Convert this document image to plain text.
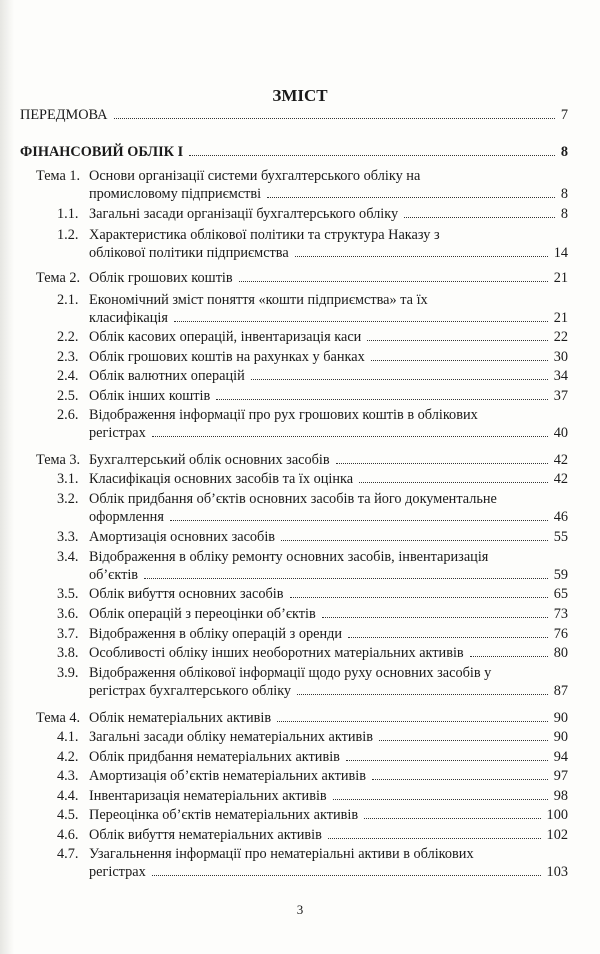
ЗМІСТ
ПЕРЕДМОВА	7
ФІНАНСОВИЙ ОБЛІК І	8
Тема 1. Основи організації системи бухгалтерського обліку на
промисловому підприємстві	8
1.1. Загальні засади організації бухгалтерського обліку	8
1.2. Характеристика облікової політики та структура Наказу з
облікової політики підприємства	14
Тема 2. Облік грошових коштів	21
2.1. Економічний зміст поняття «кошти підприємства» та їх
класифікація	21
2.2. Облік касових операцій, інвентаризація каси	22
2.3. Облік грошових коштів на рахунках у банках	30
2.4. Облік валютних операцій	34
2.5. Облік інших коштів	37
2.6. Відображення інформації про рух грошових коштів в облікових
регістрах	40
Тема 3. Бухгалтерський облік основних засобів	42
3.1. Класифікація основних засобів та їх оцінка	42
3.2. Облік придбання об’єктів основних засобів та його документальне
оформлення	46
3.3. Амортизація основних засобів	55
3.4. Відображення в обліку ремонту основних засобів, інвентаризація
об’єктів	59
3.5. Облік вибуття основних засобів	65
3.6. Облік операцій з переоцінки об’єктів	73
3.7. Відображення в обліку операцій з оренди	76
3.8. Особливості обліку інших необоротних матеріальних активів	80
3.9. Відображення облікової інформації щодо руху основних засобів у
регістрах бухгалтерського обліку	87
Тема 4. Облік нематеріальних активів	90
4.1. Загальні засади обліку нематеріальних активів	90
4.2. Облік придбання нематеріальних активів	94
4.3. Амортизація об’єктів нематеріальних активів	97
4.4. Інвентаризація нематеріальних активів	98
4.5. Переоцінка об’єктів нематеріальних активів	100
4.6. Облік вибуття нематеріальних активів	102
4.7. Узагальнення інформації про нематеріальні активи в облікових
регістрах	103
3
